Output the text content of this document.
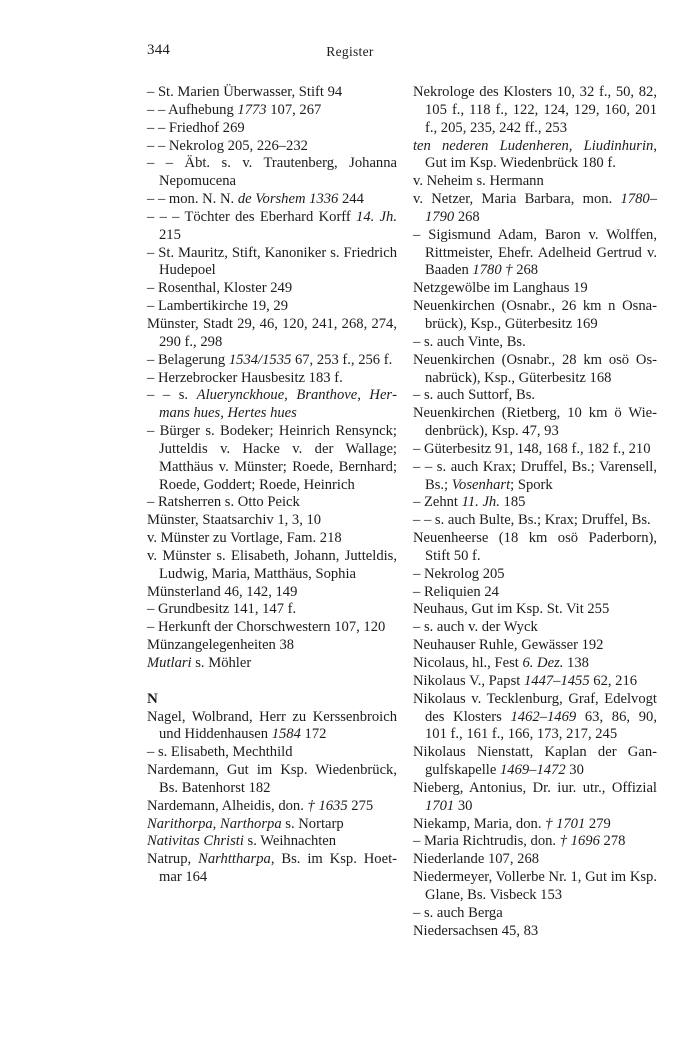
344	Register
– St. Marien Überwasser, Stift 94
– – Aufhebung 1773 107, 267
– – Friedhof 269
– – Nekrolog 205, 226–232
– – Äbt. s. v. Trautenberg, Johanna Nepomucena
– – mon. N. N. de Vorshem 1336 244
– – – Töchter des Eberhard Korff 14. Jh. 215
– St. Mauritz, Stift, Kanoniker s. Friedrich Hudepoel
– Rosenthal, Kloster 249
– Lambertikirche 19, 29
Münster, Stadt 29, 46, 120, 241, 268, 274, 290 f., 298
– Belagerung 1534/1535 67, 253 f., 256 f.
– Herzebrocker Hausbesitz 183 f.
– – s. Aluerynckhoue, Branthove, Hermans hues, Hertes hues
– Bürger s. Bodeker; Heinrich Rensynck; Jutteldis v. Hacke v. der Wallage; Matthäus v. Münster; Roede, Bernhard; Roede, Goddert; Roede, Heinrich
– Ratsherren s. Otto Peick
Münster, Staatsarchiv 1, 3, 10
v. Münster zu Vortlage, Fam. 218
v. Münster s. Elisabeth, Johann, Jutteldis, Ludwig, Maria, Matthäus, Sophia
Münsterland 46, 142, 149
– Grundbesitz 141, 147 f.
– Herkunft der Chorschwestern 107, 120
Münzangelegenheiten 38
Mutlari s. Möhler
N
Nagel, Wolbrand, Herr zu Kerssenbroich und Hiddenhausen 1584 172
– s. Elisabeth, Mechthild
Nardemann, Gut im Ksp. Wiedenbrück, Bs. Batenhorst 182
Nardemann, Alheidis, don. † 1635 275
Narithorpa, Narthorpa s. Nortarp
Nativitas Christi s. Weihnachten
Natrup, Narhttharpa, Bs. im Ksp. Hoetmar 164
Nekrologe des Klosters 10, 32 f., 50, 82, 105 f., 118 f., 122, 124, 129, 160, 201 f., 205, 235, 242 ff., 253
ten nederen Ludenheren, Liudinhurin, Gut im Ksp. Wiedenbrück 180 f.
v. Neheim s. Hermann
v. Netzer, Maria Barbara, mon. 1780–1790 268
– Sigismund Adam, Baron v. Wolffen, Rittmeister, Ehefr. Adelheid Gertrud v. Baaden 1780 † 268
Netzgewölbe im Langhaus 19
Neuenkirchen (Osnabr., 26 km n Osnabrück), Ksp., Güterbesitz 169
– s. auch Vinte, Bs.
Neuenkirchen (Osnabr., 28 km osö Osnabrück), Ksp., Güterbesitz 168
– s. auch Suttorf, Bs.
Neuenkirchen (Rietberg, 10 km ö Wiedenbrück), Ksp. 47, 93
– Güterbesitz 91, 148, 168 f., 182 f., 210
– – s. auch Krax; Druffel, Bs.; Varensell, Bs.; Vosenhart; Spork
– Zehnt 11. Jh. 185
– – s. auch Bulte, Bs.; Krax; Druffel, Bs.
Neuenheerse (18 km osö Paderborn), Stift 50 f.
– Nekrolog 205
– Reliquien 24
Neuhaus, Gut im Ksp. St. Vit 255
– s. auch v. der Wyck
Neuhauser Ruhle, Gewässer 192
Nicolaus, hl., Fest 6. Dez. 138
Nikolaus V., Papst 1447–1455 62, 216
Nikolaus v. Tecklenburg, Graf, Edelvogt des Klosters 1462–1469 63, 86, 90, 101 f., 161 f., 166, 173, 217, 245
Nikolaus Nienstatt, Kaplan der Gangulfskapelle 1469–1472 30
Nieberg, Antonius, Dr. iur. utr., Offizial 1701 30
Niekamp, Maria, don. † 1701 279
– Maria Richtrudis, don. † 1696 278
Niederlande 107, 268
Niedermeyer, Vollerbe Nr. 1, Gut im Ksp. Glane, Bs. Visbeck 153
– s. auch Berga
Niedersachsen 45, 83
